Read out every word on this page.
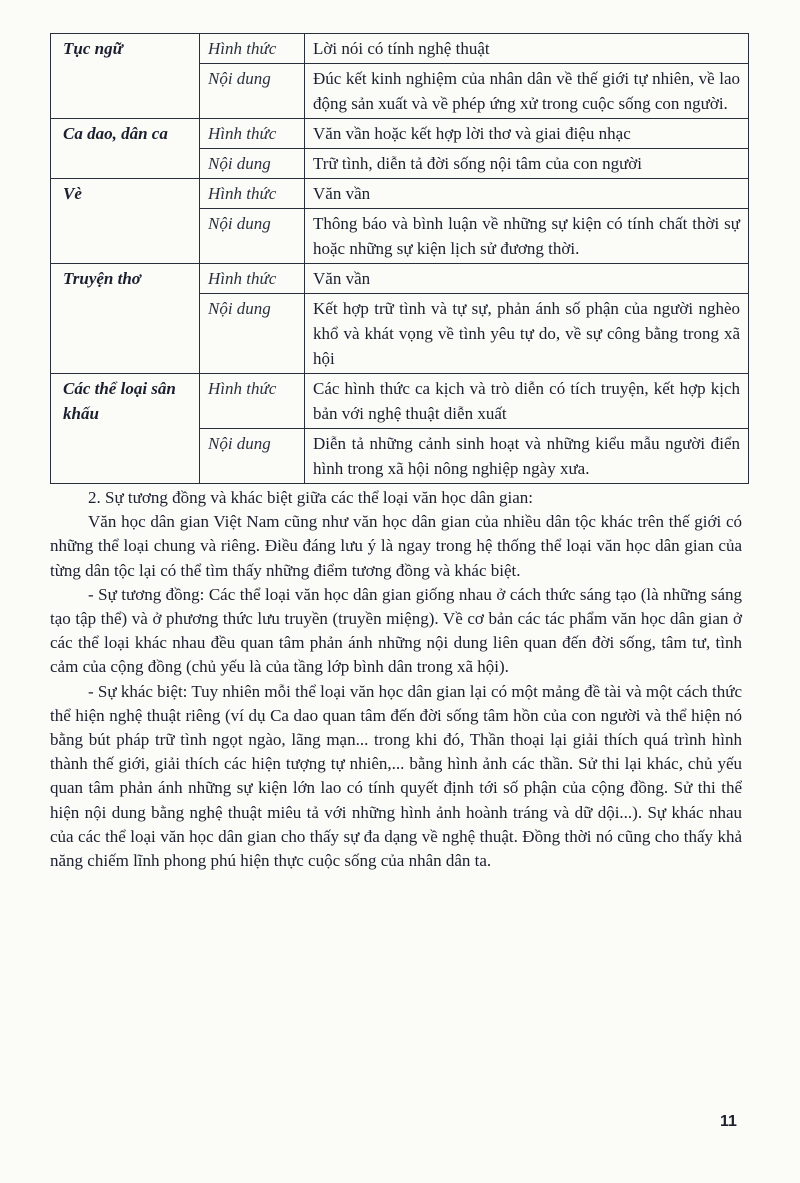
Tục ngữ	Hình thức	Lời nói có tính nghệ thuật
	Nội dung	Đúc kết kinh nghiệm của nhân dân về thế giới tự nhiên, về lao động sản xuất và về phép ứng xử trong cuộc sống con người.
Ca dao, dân ca	Hình thức	Văn vần hoặc kết hợp lời thơ và giai điệu nhạc
	Nội dung	Trữ tình, diễn tả đời sống nội tâm của con người
Vè	Hình thức	Văn vần
	Nội dung	Thông báo và bình luận về những sự kiện có tính chất thời sự hoặc những sự kiện lịch sử đương thời.
Truyện thơ	Hình thức	Văn vần
	Nội dung	Kết hợp trữ tình và tự sự, phản ánh số phận của người nghèo khổ và khát vọng về tình yêu tự do, về sự công bằng trong xã hội
Các thể loại sân khấu	Hình thức	Các hình thức ca kịch và trò diễn có tích truyện, kết hợp kịch bản với nghệ thuật diễn xuất
	Nội dung	Diễn tả những cảnh sinh hoạt và những kiểu mẫu người điển hình trong xã hội nông nghiệp ngày xưa.

2. Sự tương đồng và khác biệt giữa các thể loại văn học dân gian:

Văn học dân gian Việt Nam cũng như văn học dân gian của nhiều dân tộc khác trên thế giới có những thể loại chung và riêng. Điều đáng lưu ý là ngay trong hệ thống thể loại văn học dân gian của từng dân tộc lại có thể tìm thấy những điểm tương đồng và khác biệt.

- Sự tương đồng: Các thể loại văn học dân gian giống nhau ở cách thức sáng tạo (là những sáng tạo tập thể) và ở phương thức lưu truyền (truyền miệng). Về cơ bản các tác phẩm văn học dân gian ở các thể loại khác nhau đều quan tâm phản ánh những nội dung liên quan đến đời sống, tâm tư, tình cảm của cộng đồng (chủ yếu là của tầng lớp bình dân trong xã hội).

- Sự khác biệt: Tuy nhiên mỗi thể loại văn học dân gian lại có một mảng đề tài và một cách thức thể hiện nghệ thuật riêng (ví dụ Ca dao quan tâm đến đời sống tâm hồn của con người và thể hiện nó bằng bút pháp trữ tình ngọt ngào, lãng mạn... trong khi đó, Thần thoại lại giải thích quá trình hình thành thế giới, giải thích các hiện tượng tự nhiên,... bằng hình ảnh các thần. Sử thi lại khác, chủ yếu quan tâm phản ánh những sự kiện lớn lao có tính quyết định tới số phận của cộng đồng. Sử thi thể hiện nội dung bằng nghệ thuật miêu tả với những hình ảnh hoành tráng và dữ dội...). Sự khác nhau của các thể loại văn học dân gian cho thấy sự đa dạng về nghệ thuật. Đồng thời nó cũng cho thấy khả năng chiếm lĩnh phong phú hiện thực cuộc sống của nhân dân ta.

11
